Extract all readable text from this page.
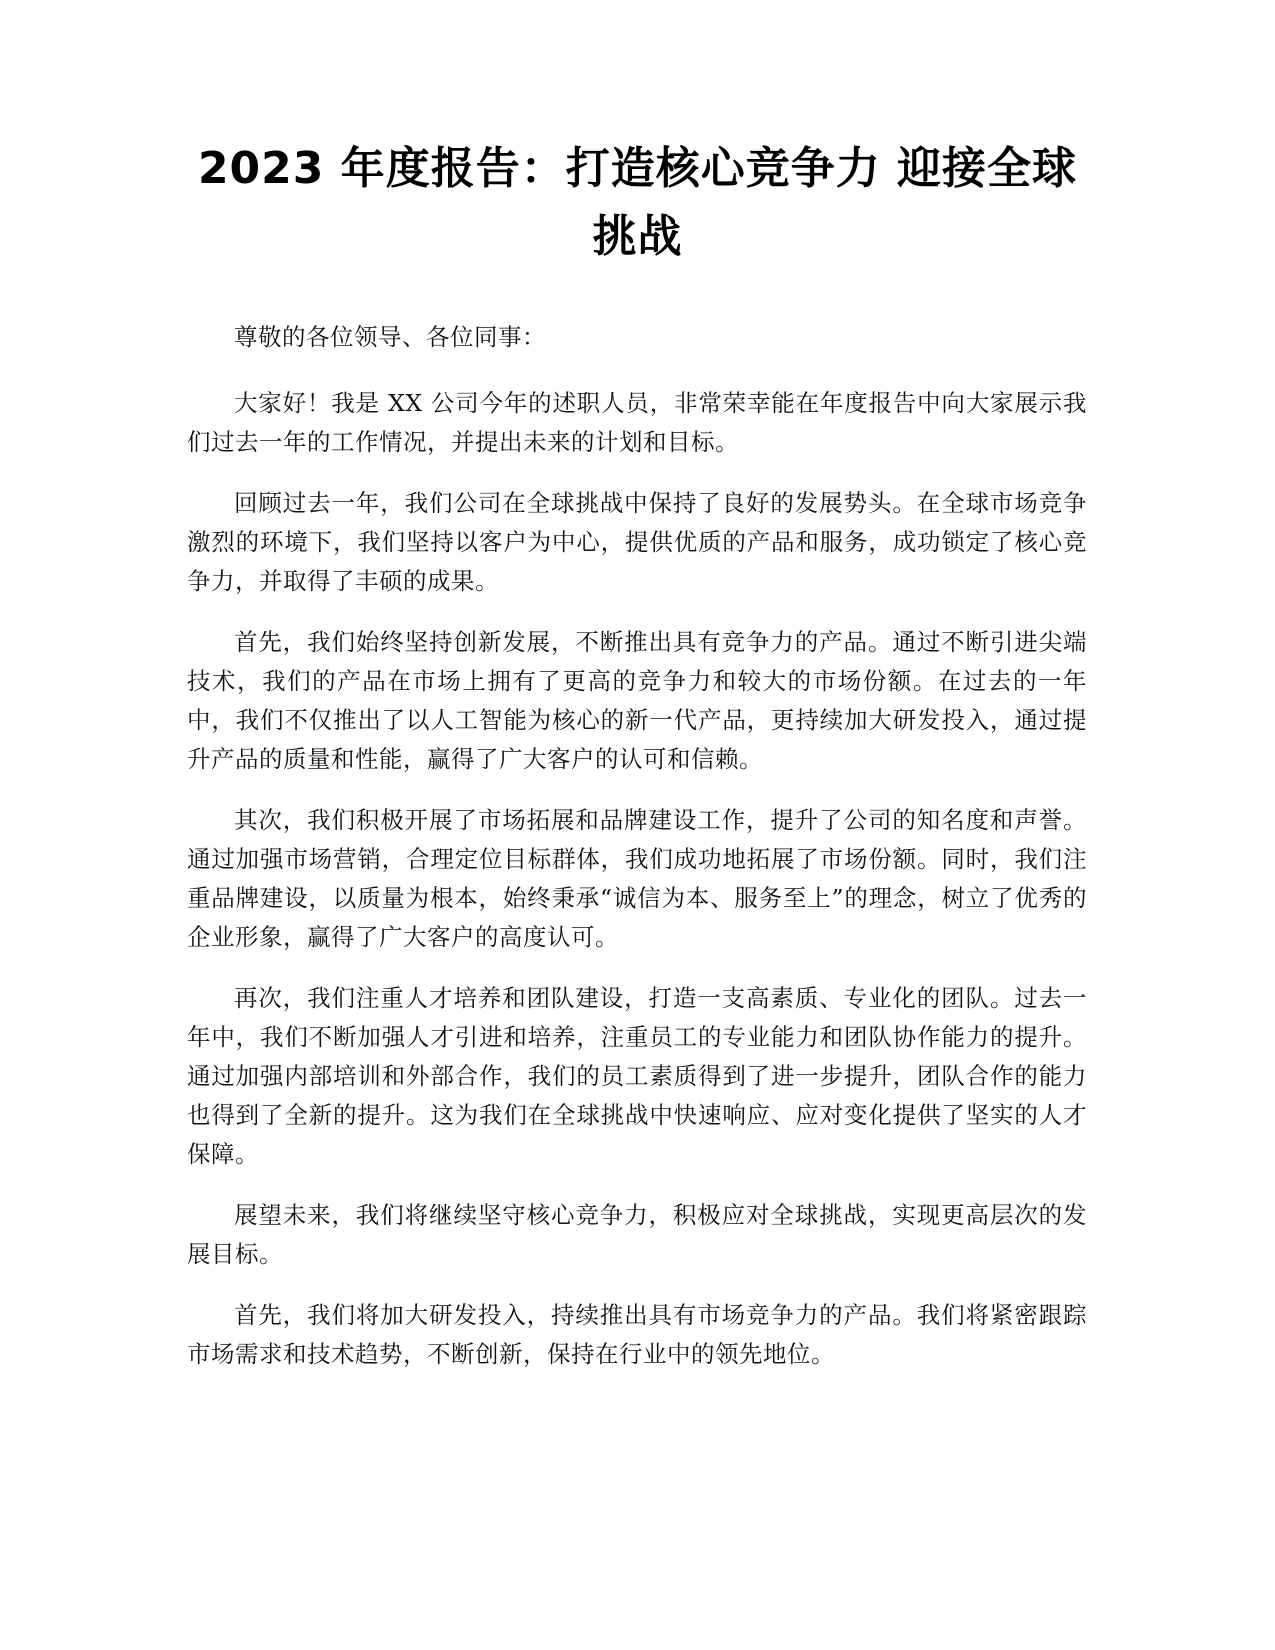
2023 年度报告：打造核心竞争力 迎接全球
挑战

尊敬的各位领导、各位同事：

大家好！我是 XX 公司今年的述职人员，非常荣幸能在年度报告中向大家展示我们过去一年的工作情况，并提出未来的计划和目标。

回顾过去一年，我们公司在全球挑战中保持了良好的发展势头。在全球市场竞争激烈的环境下，我们坚持以客户为中心，提供优质的产品和服务，成功锁定了核心竞争力，并取得了丰硕的成果。

首先，我们始终坚持创新发展，不断推出具有竞争力的产品。通过不断引进尖端技术，我们的产品在市场上拥有了更高的竞争力和较大的市场份额。在过去的一年中，我们不仅推出了以人工智能为核心的新一代产品，更持续加大研发投入，通过提升产品的质量和性能，赢得了广大客户的认可和信赖。

其次，我们积极开展了市场拓展和品牌建设工作，提升了公司的知名度和声誉。通过加强市场营销，合理定位目标群体，我们成功地拓展了市场份额。同时，我们注重品牌建设，以质量为根本，始终秉承“诚信为本、服务至上”的理念，树立了优秀的企业形象，赢得了广大客户的高度认可。

再次，我们注重人才培养和团队建设，打造一支高素质、专业化的团队。过去一年中，我们不断加强人才引进和培养，注重员工的专业能力和团队协作能力的提升。通过加强内部培训和外部合作，我们的员工素质得到了进一步提升，团队合作的能力也得到了全新的提升。这为我们在全球挑战中快速响应、应对变化提供了坚实的人才保障。

展望未来，我们将继续坚守核心竞争力，积极应对全球挑战，实现更高层次的发展目标。

首先，我们将加大研发投入，持续推出具有市场竞争力的产品。我们将紧密跟踪市场需求和技术趋势，不断创新，保持在行业中的领先地位。
